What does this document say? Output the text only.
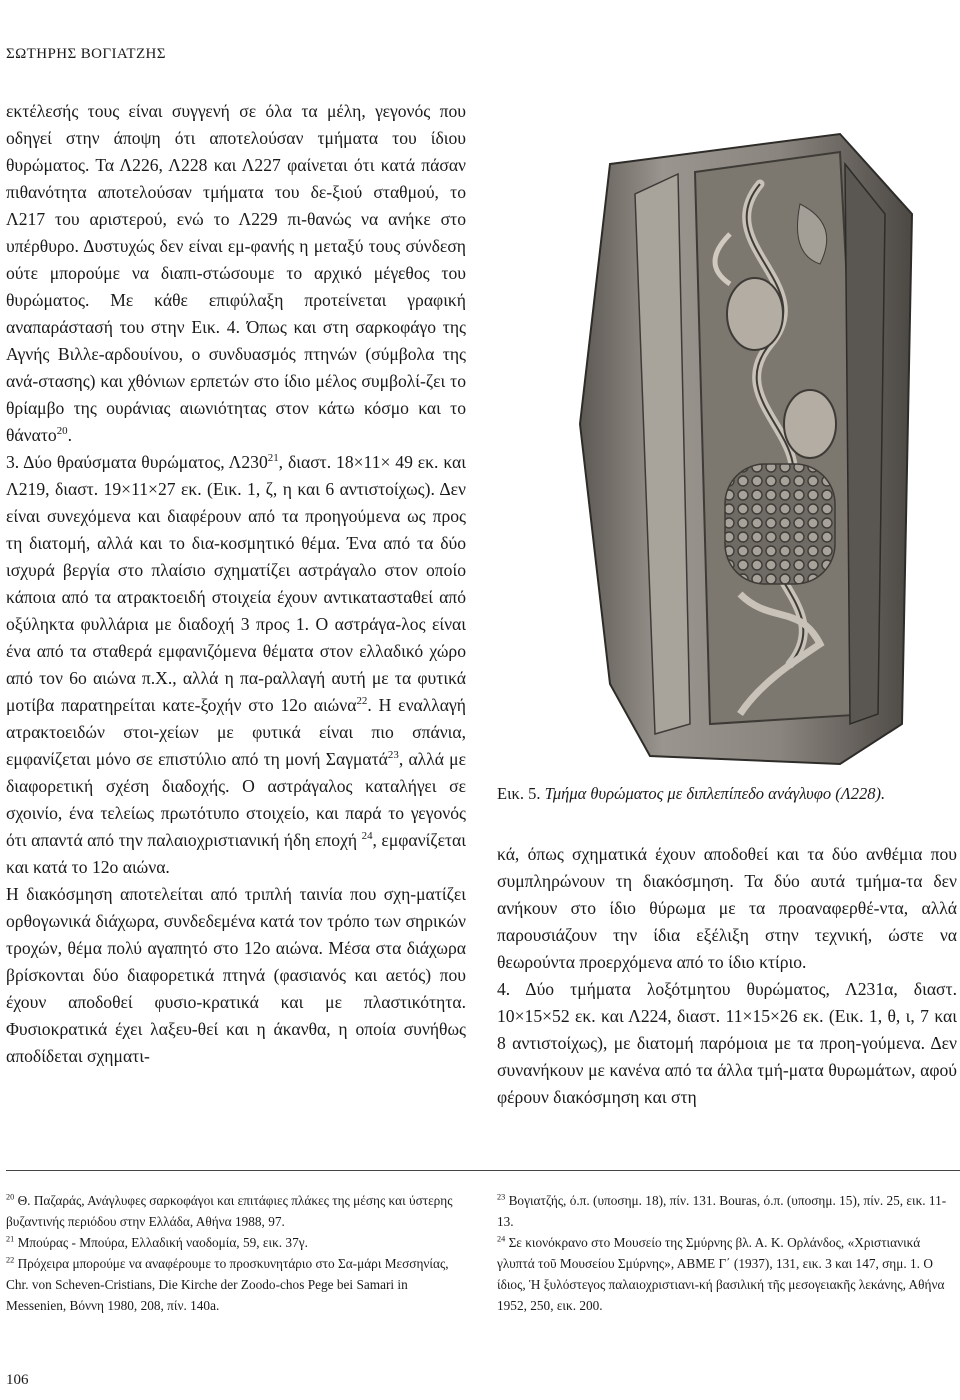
ΣΩΤΗΡΗΣ ΒΟΓΙΑΤΖΗΣ

εκτέλεσής τους είναι συγγενή σε όλα τα μέλη, γεγονός που οδηγεί στην άποψη ότι αποτελούσαν τμήματα του ίδιου θυρώματος. Τα Λ226, Λ228 και Λ227 φαίνεται ότι κατά πάσαν πιθανότητα αποτελούσαν τμήματα του δε-ξιού σταθμού, το Λ217 του αριστερού, ενώ το Λ229 πι-θανώς να ανήκε στο υπέρθυρο. Δυστυχώς δεν είναι εμ-φανής η μεταξύ τους σύνδεση ούτε μπορούμε να διαπι-στώσουμε το αρχικό μέγεθος του θυρώματος. Με κάθε επιφύλαξη προτείνεται γραφική αναπαράστασή του στην Εικ. 4. Όπως και στη σαρκοφάγο της Αγνής Βιλλε-αρδουίνου, ο συνδυασμός πτηνών (σύμβολα της ανά-στασης) και χθόνιων ερπετών στο ίδιο μέλος συμβολί-ζει το θρίαμβο της ουράνιας αιωνιότητας στον κάτω κόσμο και το θάνατο$^{20}$.

3. Δύο θραύσματα θυρώματος, $\Lambda 230^{21}$, διαστ. 18×11× 49 εκ. και Λ219, διαστ. 19×11×27 εκ. (Εικ. 1, ζ, η και 6 αντιστοίχως). Δεν είναι συνεχόμενα και διαφέρουν από τα προηγούμενα ως προς τη διατομή, αλλά και το δια-κοσμητικό θέμα. Ένα από τα δύο ισχυρά βεργία στο πλαίσιο σχηματίζει αστράγαλο στον οποίο κάποια από τα ατρακτοειδή στοιχεία έχουν αντικατασταθεί από οξύληκτα φυλλάρια με διαδοχή 3 προς 1. Ο αστράγα-λος είναι ένα από τα σταθερά εμφανιζόμενα θέματα στον ελλαδικό χώρο από τον 6ο αιώνα π.Χ., αλλά η πα-ραλλαγή αυτή με τα φυτικά μοτίβα παρατηρείται κατε-ξοχήν στο 12ο αιώνα$^{22}$. Η εναλλαγή ατρακτοειδών στοι-χείων με φυτικά είναι πιο σπάνια, εμφανίζεται μόνο σε επιστύλιο από τη μονή Σαγματά$^{23}$, αλλά με διαφορετική σχέση διαδοχής. Ο αστράγαλος καταλήγει σε σχοινίο, ένα τελείως πρωτότυπο στοιχείο, και παρά το γεγονός ότι απαντά από την παλαιοχριστιανική ήδη εποχή $^{24}$, εμφανίζεται και κατά το 12ο αιώνα.

Η διακόσμηση αποτελείται από τριπλή ταινία που σχη-ματίζει ορθογωνικά διάχωρα, συνδεδεμένα κατά τον τρόπο των σηρικών τροχών, θέμα πολύ αγαπητό στο 12ο αιώνα. Μέσα στα διάχωρα βρίσκονται δύο διαφορετικά πτηνά (φασιανός και αετός) που έχουν αποδοθεί φυσιο-κρατικά και με πλαστικότητα. Φυσιοκρατικά έχει λαξευ-θεί και η άκανθα, η οποία συνήθως αποδίδεται σχηματι-

Εικ. 5. Τμήμα θυρώματος με διπλεπίπεδο ανάγλυφο (Λ228).

κά, όπως σχηματικά έχουν αποδοθεί και τα δύο ανθέμια που συμπληρώνουν τη διακόσμηση. Τα δύο αυτά τμήμα-τα δεν ανήκουν στο ίδιο θύρωμα με τα προαναφερθέ-ντα, αλλά παρουσιάζουν την ίδια εξέλιξη στην τεχνική, ώστε να θεωρούντα προερχόμενα από το ίδιο κτίριο.

4. Δύο τμήματα λοξότμητου θυρώματος, Λ231α, διαστ. 10×15×52 εκ. και Λ224, διαστ. 11×15×26 εκ. (Εικ. 1, θ, ι, 7 και 8 αντιστοίχως), με διατομή παρόμοια με τα προη-γούμενα. Δεν συνανήκουν με κανένα από τα άλλα τμή-ματα θυρωμάτων, αφού φέρουν διακόσμηση και στη

$^{20}$ Θ. Παζαράς, Ανάγλυφες σαρκοφάγοι και επιτάφιες πλάκες της μέσης και ύστερης βυζαντινής περιόδου στην Ελλάδα, Αθήνα 1988, 97.

$^{21}$ Μπούρας - Μπούρα, Ελλαδική ναοδομία, 59, εικ. 37γ.

$^{22}$ Πρόχειρα μπορούμε να αναφέρουμε το προσκυνητάριο στο Σα-μάρι Μεσσηνίας, Chr. von Scheven-Cristians, Die Kirche der Zoodo-chos Pege bei Samari in Messenien, Βόννη 1980, 208, πίν. 140a.

$^{23}$ Βογιατζής, ό.π. (υποσημ. 18), πίν. 131. Bouras, ό.π. (υποσημ. 15), πίν. 25, εικ. 11-13.

$^{24}$ Σε κιονόκρανο στο Μουσείο της Σμύρνης βλ. Α. Κ. Ορλάνδος, «Χριστιανικά γλυπτά τοῦ Μουσείου Σμύρνης», ΑΒΜΕ Γ΄ (1937), 131, εικ. 3 και 147, σημ. 1. Ο ίδιος, Ἡ ξυλόστεγος παλαιοχριστιανι-κή βασιλική τῆς μεσογειακῆς λεκάνης, Αθήνα 1952, 250, εικ. 200.

106
